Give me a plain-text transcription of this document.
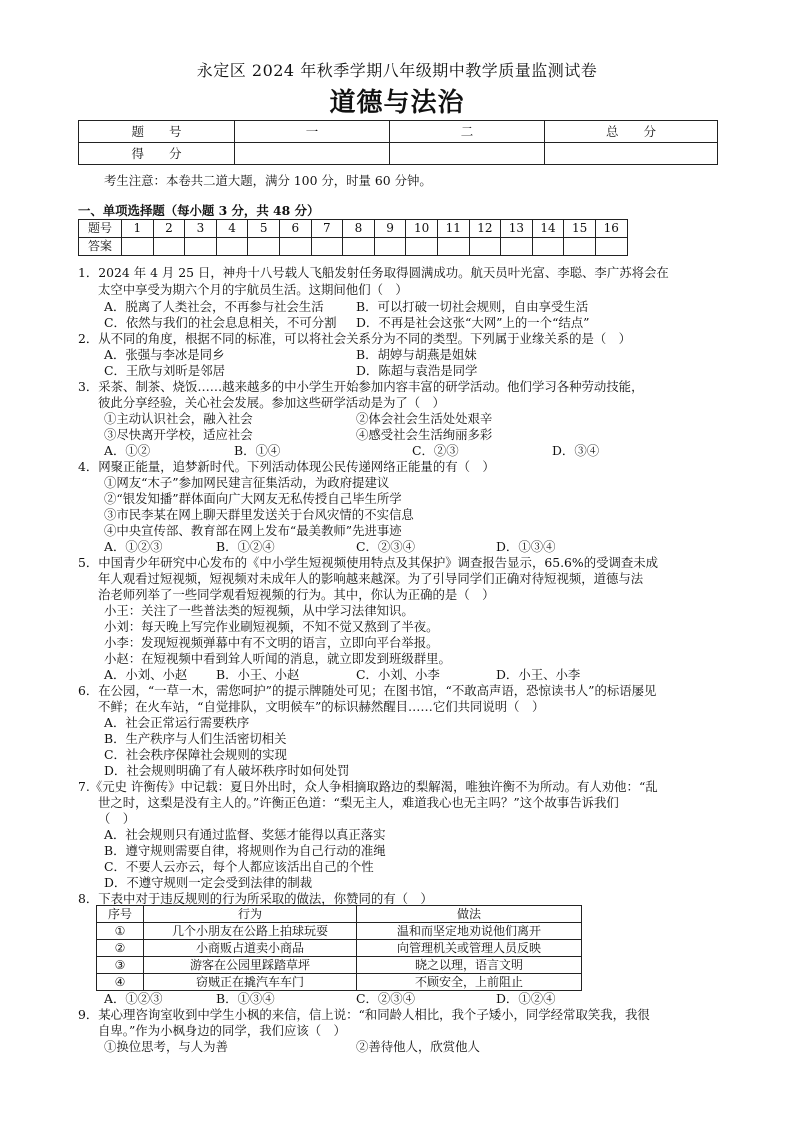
永定区 2024 年秋季学期八年级期中教学质量监测试卷
道德与法治
题　　号	一	二	总　　分
得　　分			
考生注意：本卷共二道大题，满分 100 分，时量 60 分钟。
一、单项选择题（每小题 3 分，共 48 分）
题号	1	2	3	4	5	6	7	8	9	10	11	12	13	14	15	16
答案																
1．2024 年 4 月 25 日，神舟十八号载人飞船发射任务取得圆满成功。航天员叶光富、李聪、李广苏将会在
太空中享受为期六个月的宇航员生活。这期间他们（　）
A．脱离了人类社会，不再参与社会生活	B．可以打破一切社会规则，自由享受生活
C．依然与我们的社会息息相关，不可分割 D．不再是社会这张“大网”上的一个“结点”
2．从不同的角度，根据不同的标准，可以将社会关系分为不同的类型。下列属于业缘关系的是（　）
A．张强与李冰是同乡	B．胡婷与胡燕是姐妹
C．王欣与刘昕是邻居	D．陈超与袁浩是同学
3．采茶、制茶、烧饭……越来越多的中小学生开始参加内容丰富的研学活动。他们学习各种劳动技能，
彼此分享经验，关心社会发展。参加这些研学活动是为了（　）
①主动认识社会，融入社会	②体会社会生活处处艰辛
③尽快离开学校，适应社会	④感受社会生活绚丽多彩
A．①②	B．①④	C．②③	D．③④
4．网聚正能量，追梦新时代。下列活动体现公民传递网络正能量的有（　）
①网友“木子”参加网民建言征集活动，为政府提建议
②“银发知播”群体面向广大网友无私传授自己毕生所学
③市民李某在网上聊天群里发送关于台风灾情的不实信息
④中央宣传部、教育部在网上发布“最美教师”先进事迹
A．①②③	B．①②④	C．②③④	D．①③④
5．中国青少年研究中心发布的《中小学生短视频使用特点及其保护》调查报告显示，65.6%的受调查未成
年人观看过短视频，短视频对未成年人的影响越来越深。为了引导同学们正确对待短视频，道德与法
治老师列举了一些同学观看短视频的行为。其中，你认为正确的是（　）
小王：关注了一些普法类的短视频，从中学习法律知识。
小刘：每天晚上写完作业刷短视频，不知不觉又熬到了半夜。
小李：发现短视频弹幕中有不文明的语言，立即向平台举报。
小赵：在短视频中看到耸人听闻的消息，就立即发到班级群里。
A．小刘、小赵 B．小王、小赵	C．小刘、小李	D．小王、小李
6．在公园，“一草一木，需您呵护”的提示牌随处可见；在图书馆，“不敢高声语，恐惊读书人”的标语屡见
不鲜；在火车站，“自觉排队，文明候车”的标识赫然醒目……它们共同说明（　）
A．社会正常运行需要秩序
B．生产秩序与人们生活密切相关
C．社会秩序保障社会规则的实现
D．社会规则明确了有人破坏秩序时如何处罚
7.《元史 许衡传》中记载：夏日外出时，众人争相摘取路边的梨解渴，唯独许衡不为所动。有人劝他：“乱
世之时，这梨是没有主人的。”许衡正色道：“梨无主人，难道我心也无主吗？”这个故事告诉我们
（　）
A．社会规则只有通过监督、奖惩才能得以真正落实
B．遵守规则需要自律，将规则作为自己行动的准绳
C．不要人云亦云，每个人都应该活出自己的个性
D．不遵守规则一定会受到法律的制裁
8．下表中对于违反规则的行为所采取的做法，你赞同的有（　）
序号	行为	做法
①	几个小朋友在公路上拍球玩耍	温和而坚定地劝说他们离开
②	小商贩占道卖小商品	向管理机关或管理人员反映
③	游客在公园里踩踏草坪	晓之以理，语言文明
④	窃贼正在撬汽车车门	不顾安全，上前阻止
A．①②③	B．①③④	C．②③④	D．①②④
9．某心理咨询室收到中学生小枫的来信，信上说：“和同龄人相比，我个子矮小，同学经常取笑我，我很
自卑。”作为小枫身边的同学，我们应该（　）
①换位思考，与人为善	②善待他人，欣赏他人
